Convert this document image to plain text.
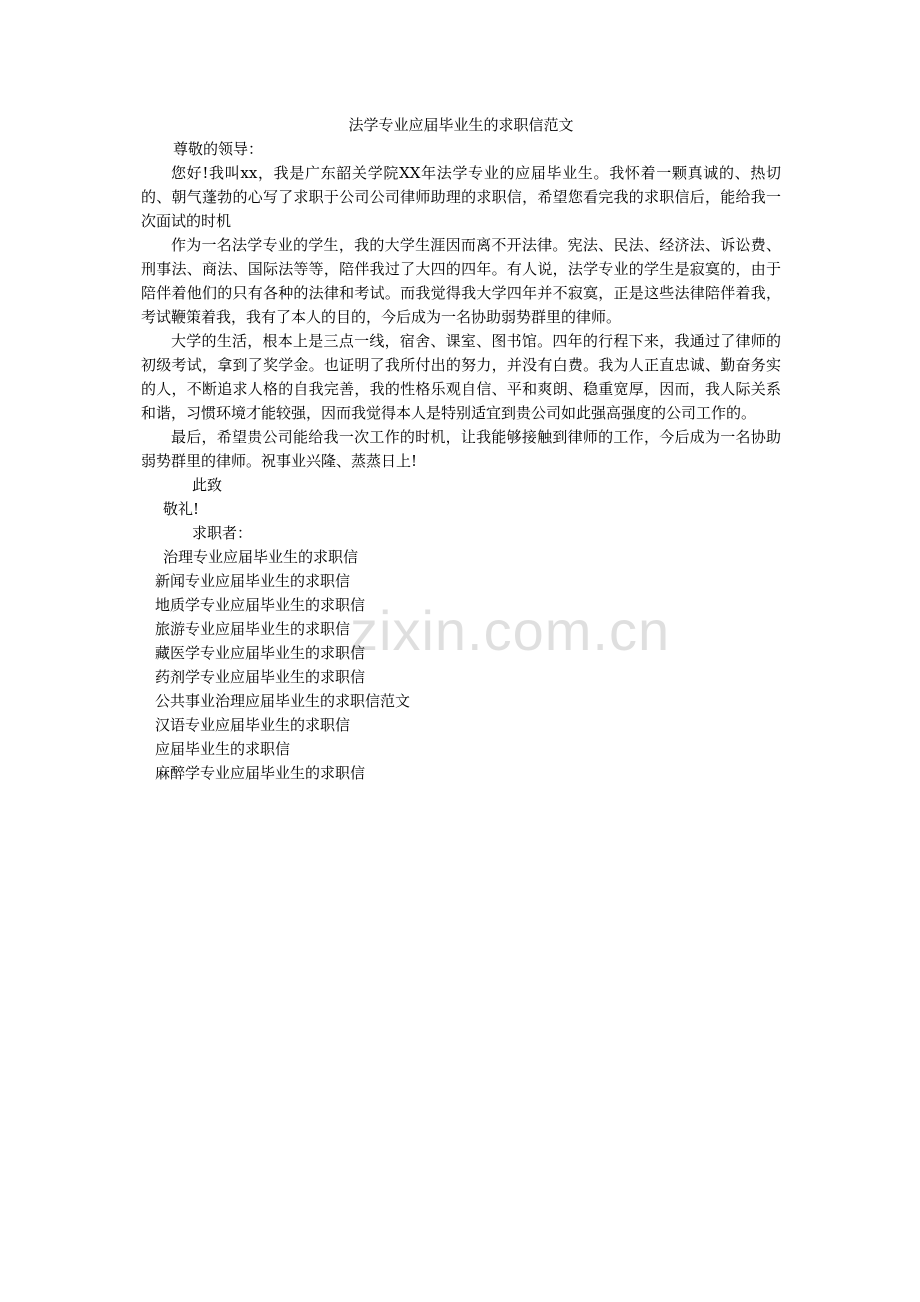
法学专业应届毕业生的求职信范文

尊敬的领导：

您好!我叫xx，我是广东韶关学院XX年法学专业的应届毕业生。我怀着一颗真诚的、热切的、朝气蓬勃的心写了求职于公司公司律师助理的求职信，希望您看完我的求职信后，能给我一次面试的时机

作为一名法学专业的学生，我的大学生涯因而离不开法律。宪法、民法、经济法、诉讼费、刑事法、商法、国际法等等，陪伴我过了大四的四年。有人说，法学专业的学生是寂寞的，由于陪伴着他们的只有各种的法律和考试。而我觉得我大学四年并不寂寞，正是这些法律陪伴着我，考试鞭策着我，我有了本人的目的，今后成为一名协助弱势群里的律师。

大学的生活，根本上是三点一线，宿舍、课室、图书馆。四年的行程下来，我通过了律师的初级考试，拿到了奖学金。也证明了我所付出的努力，并没有白费。我为人正直忠诚、勤奋务实的人，不断追求人格的自我完善，我的性格乐观自信、平和爽朗、稳重宽厚，因而，我人际关系和谐，习惯环境才能较强，因而我觉得本人是特别适宜到贵公司如此强高强度的公司工作的。

最后，希望贵公司能给我一次工作的时机，让我能够接触到律师的工作，今后成为一名协助弱势群里的律师。祝事业兴隆、蒸蒸日上!

此致

敬礼!

求职者：

治理专业应届毕业生的求职信
新闻专业应届毕业生的求职信
地质学专业应届毕业生的求职信
旅游专业应届毕业生的求职信
藏医学专业应届毕业生的求职信
药剂学专业应届毕业生的求职信
公共事业治理应届毕业生的求职信范文
汉语专业应届毕业生的求职信
应届毕业生的求职信
麻醉学专业应届毕业生的求职信
zixin.com.cn
